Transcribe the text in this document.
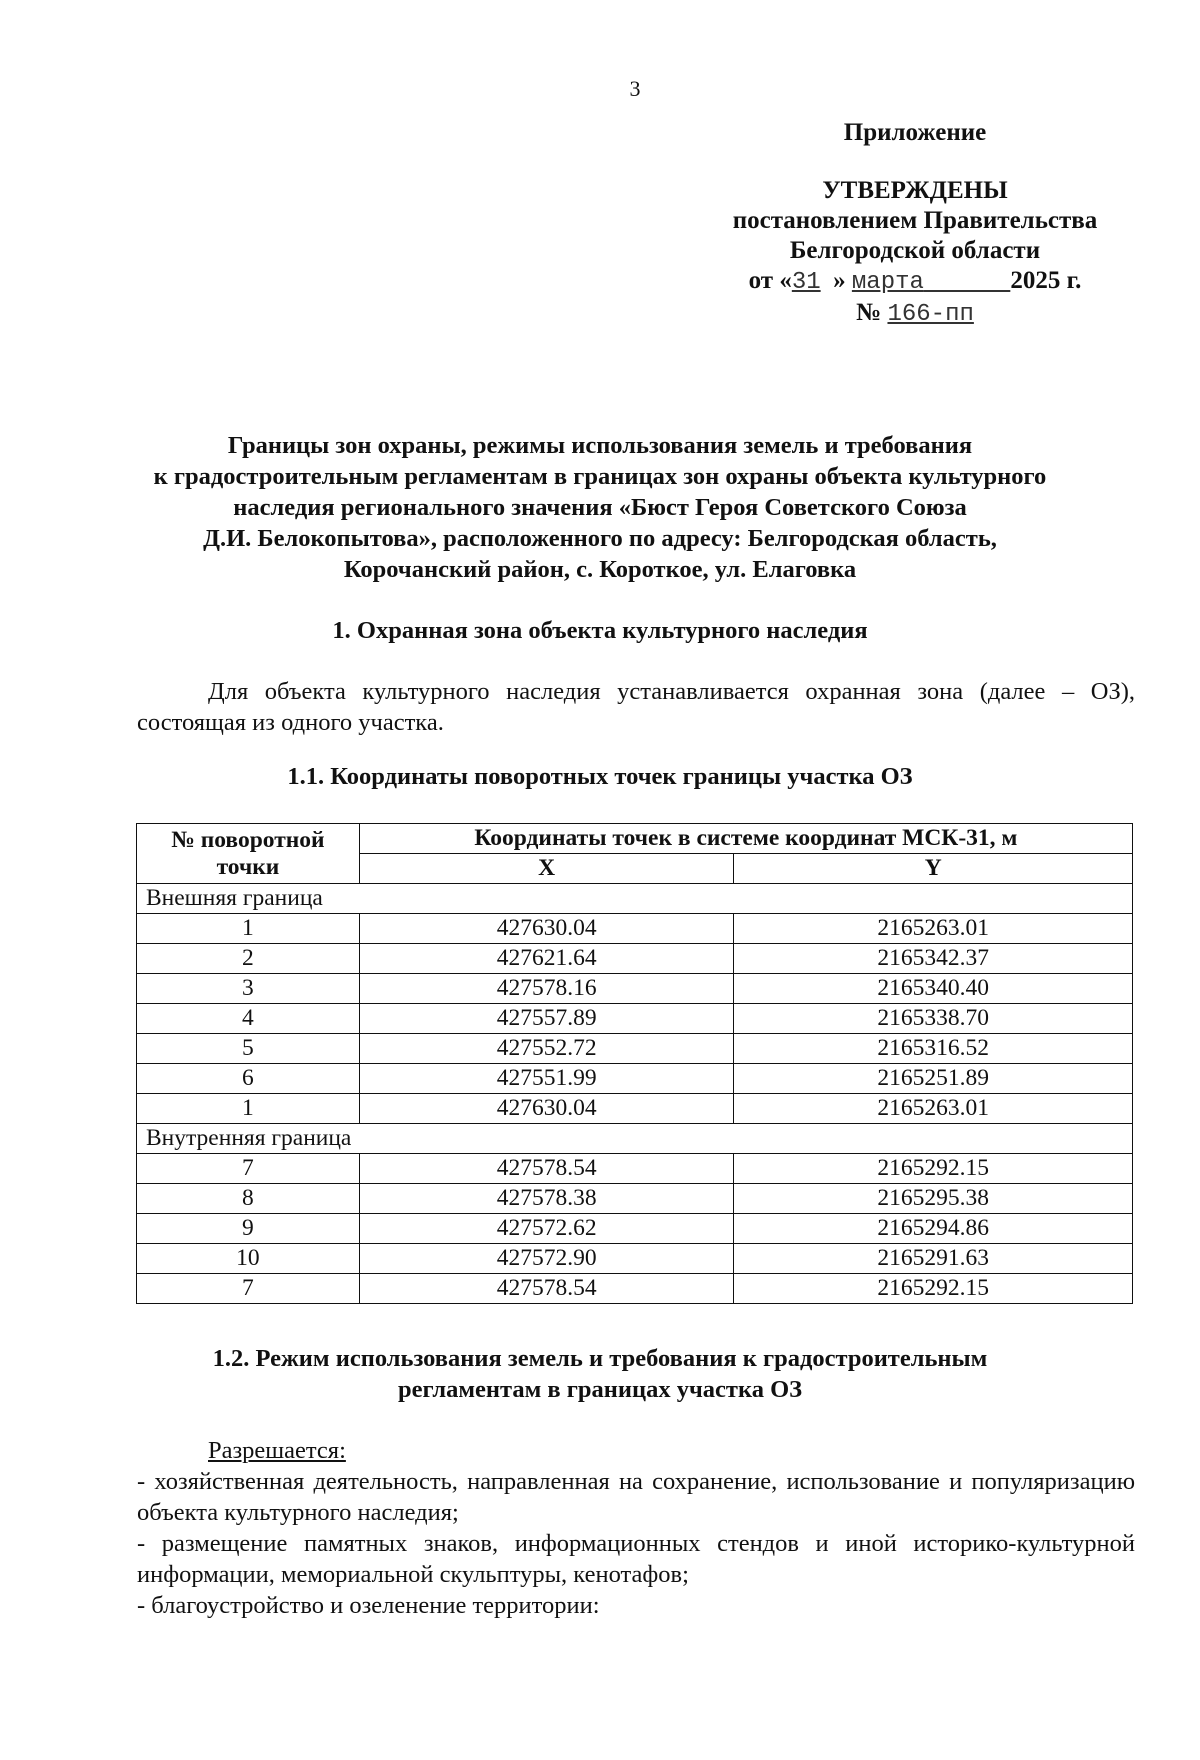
3
Приложение
УТВЕРЖДЕНЫ
постановлением Правительства
Белгородской области
от «31 » марта	2025 г.
№ 166-пп
Границы зон охраны, режимы использования земель и требования
к градостроительным регламентам в границах зон охраны объекта культурного
наследия регионального значения «Бюст Героя Советского Союза
Д.И. Белокопытова», расположенного по адресу: Белгородская область,
Корочанский район, с. Короткое, ул. Елаговка
1. Охранная зона объекта культурного наследия
Для объекта культурного наследия устанавливается охранная зона (далее – ОЗ), состоящая из одного участка.
1.1. Координаты поворотных точек границы участка ОЗ
№ поворотной точки	Координаты точек в системе координат МСК-31, м	
	X	Y
Внешняя граница		
1	427630.04	2165263.01
2	427621.64	2165342.37
3	427578.16	2165340.40
4	427557.89	2165338.70
5	427552.72	2165316.52
6	427551.99	2165251.89
1	427630.04	2165263.01
Внутренняя граница		
7	427578.54	2165292.15
8	427578.38	2165295.38
9	427572.62	2165294.86
10	427572.90	2165291.63
7	427578.54	2165292.15
1.2. Режим использования земель и требования к градостроительным
регламентам в границах участка ОЗ
Разрешается:
- хозяйственная деятельность, направленная на сохранение, использование и популяризацию объекта культурного наследия;
- размещение памятных знаков, информационных стендов и иной историко-культурной информации, мемориальной скульптуры, кенотафов;
- благоустройство и озеленение территории:
